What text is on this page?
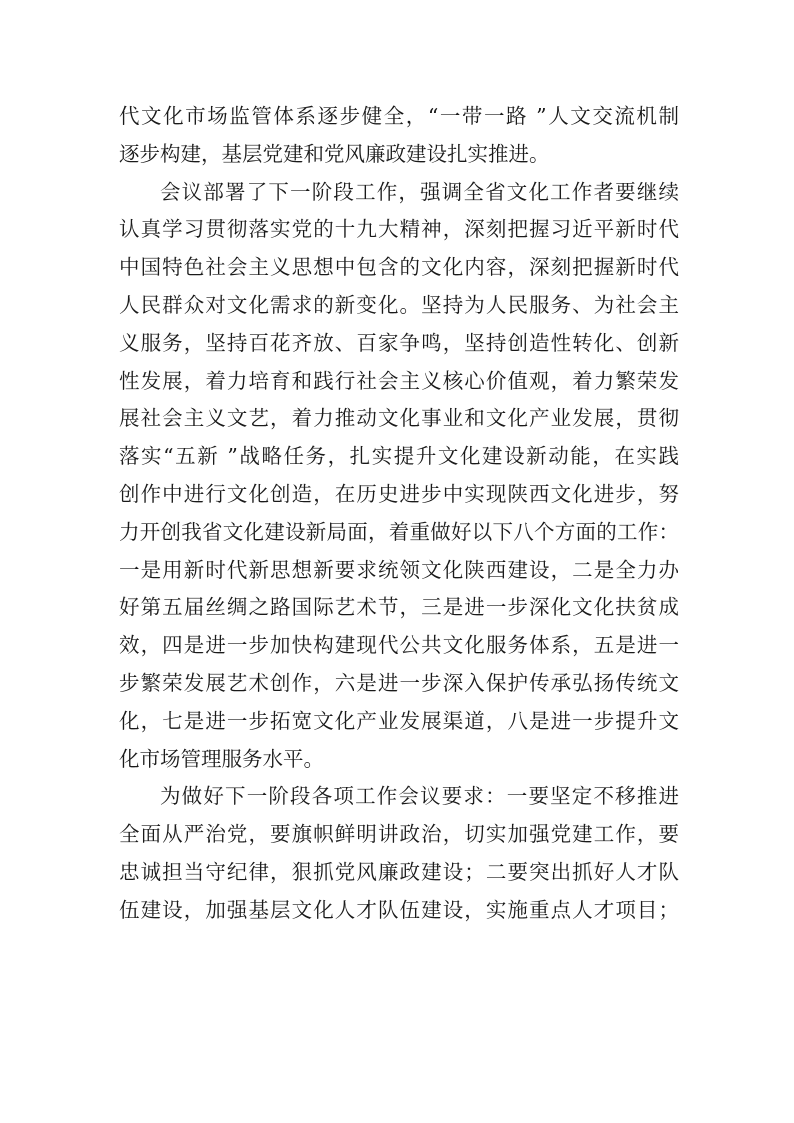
代文化市场监管体系逐步健全，“一带一路 ”人文交流机制
逐步构建，基层党建和党风廉政建设扎实推进。
会议部署了下一阶段工作，强调全省文化工作者要继续
认真学习贯彻落实党的十九大精神，深刻把握习近平新时代
中国特色社会主义思想中包含的文化内容，深刻把握新时代
人民群众对文化需求的新变化。坚持为人民服务、为社会主
义服务，坚持百花齐放、百家争鸣，坚持创造性转化、创新
性发展，着力培育和践行社会主义核心价值观，着力繁荣发
展社会主义文艺，着力推动文化事业和文化产业发展，贯彻
落实“五新 ”战略任务，扎实提升文化建设新动能，在实践
创作中进行文化创造，在历史进步中实现陕西文化进步，努
力开创我省文化建设新局面，着重做好以下八个方面的工作：
一是用新时代新思想新要求统领文化陕西建设，二是全力办
好第五届丝绸之路国际艺术节，三是进一步深化文化扶贫成
效，四是进一步加快构建现代公共文化服务体系，五是进一
步繁荣发展艺术创作，六是进一步深入保护传承弘扬传统文
化，七是进一步拓宽文化产业发展渠道，八是进一步提升文
化市场管理服务水平。
为做好下一阶段各项工作会议要求：一要坚定不移推进
全面从严治党，要旗帜鲜明讲政治，切实加强党建工作，要
忠诚担当守纪律，狠抓党风廉政建设；二要突出抓好人才队
伍建设，加强基层文化人才队伍建设，实施重点人才项目；
